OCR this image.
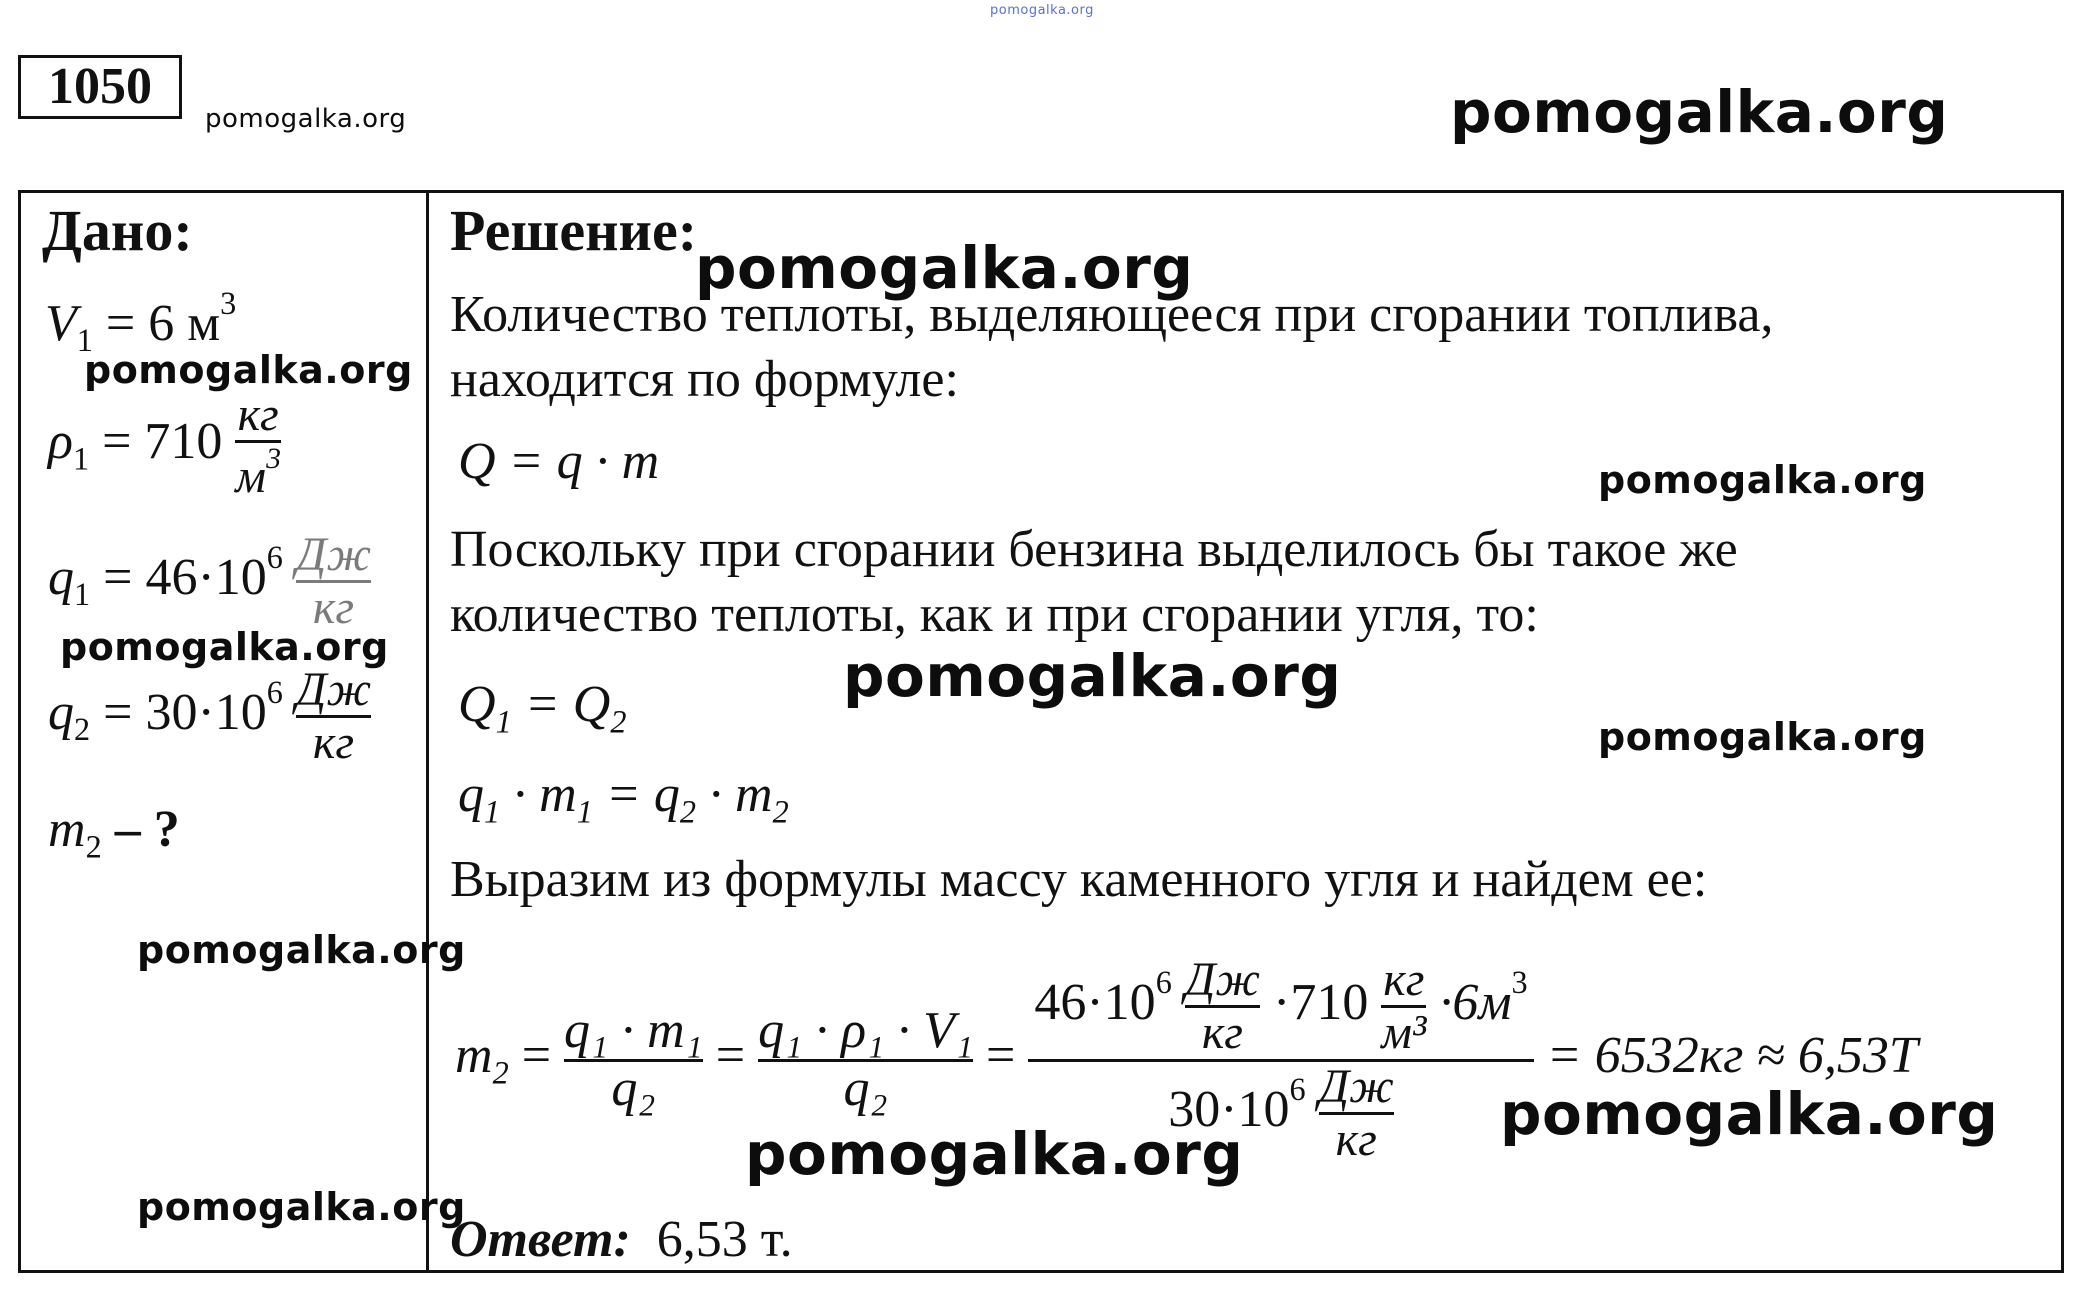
pomogalka.org
1050
pomogalka.org	pomogalka.org
Дано:
$V_1 = 6$ $м^3$
pomogalka.org
$\rho_1 = 710 \frac{кг}{м^3}$
$q_1 = 46\cdot 10^6 \frac{Дж}{кг}$
pomogalka.org
$q_2 = 30\cdot 10^6 \frac{Дж}{кг}$
$m_2$ – ?
pomogalka.org
pomogalka.org
Решение:
pomogalka.org
Количество теплоты, выделяющееся при сгорании топлива,
находится по формуле:
Q = q · m	pomogalka.org
Поскольку при сгорании бензина выделилось бы такое же
количество теплоты, как и при сгорании угля, то:
pomogalka.org
$Q_1 = Q_2$	pomogalka.org
$q_1 \cdot m_1 = q_2 \cdot m_2$
Выразим из формулы массу каменного угля и найдем ее:
$m_2 = \frac{\text{q₁ · m₁}}{\text{q₂}} = \frac{\text{q₁ · ρ₁ · V₁}}{\text{q₂}} = \frac{46\cdot 10^6 \frac{Дж}{кг} \cdot 710 \frac{кг}{\text{м³}} \cdot 6м^3}{30\cdot 10^6 \frac{Дж}{кг}} = 6532кг \approx 6,53Т$
pomogalka.org
pomogalka.org
Ответ: 6,53 т.
